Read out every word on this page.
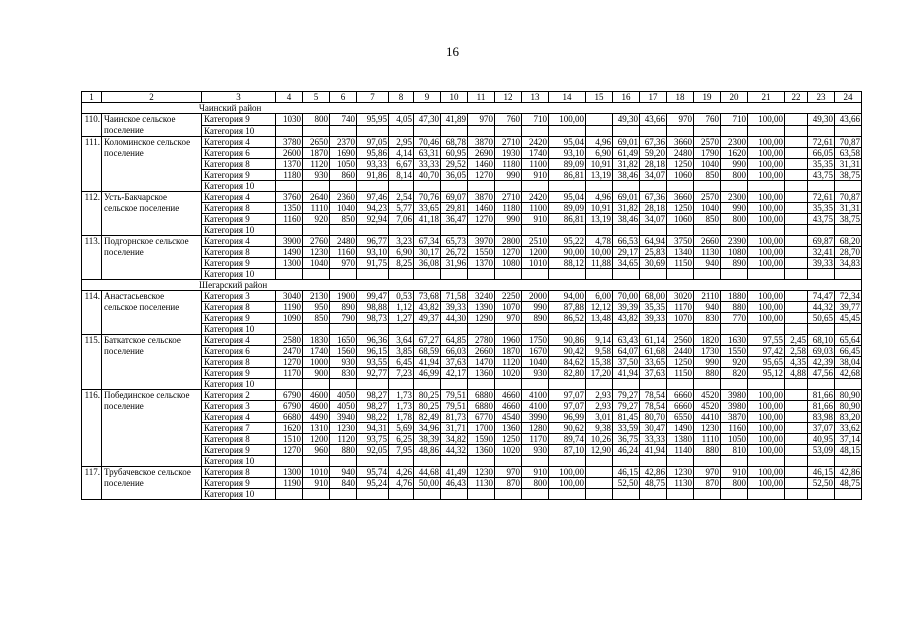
16
1	2	3	4	5	6	7	8	9	10	11	12	13	14	15	16	17	18	19	20	21	22	23	24
Чаинский район																							
110.	Чаинское сельское поселение	Категория 9	1030	800	740	95,95	4,05	47,30	41,89	970	760	710	100,00		49,30	43,66	970	760	710	100,00		49,30	43,66
		Категория 10																					
111.	Коломинское сельское поселение	Категория 4	3780	2650	2370	97,05	2,95	70,46	68,78	3870	2710	2420	95,04	4,96	69,01	67,36	3660	2570	2300	100,00		72,61	70,87
		Категория 6	2600	1870	1690	95,86	4,14	63,31	60,95	2690	1930	1740	93,10	6,90	61,49	59,20	2480	1790	1620	100,00		66,05	63,58
		Категория 8	1370	1120	1050	93,33	6,67	33,33	29,52	1460	1180	1100	89,09	10,91	31,82	28,18	1250	1040	990	100,00		35,35	31,31
		Категория 9	1180	930	860	91,86	8,14	40,70	36,05	1270	990	910	86,81	13,19	38,46	34,07	1060	850	800	100,00		43,75	38,75
		Категория 10																					
112.	Усть-Бакчарское сельское поселение	Категория 4	3760	2640	2360	97,46	2,54	70,76	69,07	3870	2710	2420	95,04	4,96	69,01	67,36	3660	2570	2300	100,00		72,61	70,87
		Категория 8	1350	1110	1040	94,23	5,77	33,65	29,81	1460	1180	1100	89,09	10,91	31,82	28,18	1250	1040	990	100,00		35,35	31,31
		Категория 9	1160	920	850	92,94	7,06	41,18	36,47	1270	990	910	86,81	13,19	38,46	34,07	1060	850	800	100,00		43,75	38,75
		Категория 10																					
113.	Подгорнское сельское поселение	Категория 4	3900	2760	2480	96,77	3,23	67,34	65,73	3970	2800	2510	95,22	4,78	66,53	64,94	3750	2660	2390	100,00		69,87	68,20
		Категория 8	1490	1230	1160	93,10	6,90	30,17	26,72	1550	1270	1200	90,00	10,00	29,17	25,83	1340	1130	1080	100,00		32,41	28,70
		Категория 9	1300	1040	970	91,75	8,25	36,08	31,96	1370	1080	1010	88,12	11,88	34,65	30,69	1150	940	890	100,00		39,33	34,83
		Категория 10																					
Шегарский район																							
114.	Анастасьевское сельское поселение	Категория 3	3040	2130	1900	99,47	0,53	73,68	71,58	3240	2250	2000	94,00	6,00	70,00	68,00	3020	2110	1880	100,00		74,47	72,34
		Категория 8	1190	950	890	98,88	1,12	43,82	39,33	1390	1070	990	87,88	12,12	39,39	35,35	1170	940	880	100,00		44,32	39,77
		Категория 9	1090	850	790	98,73	1,27	49,37	44,30	1290	970	890	86,52	13,48	43,82	39,33	1070	830	770	100,00		50,65	45,45
		Категория 10																					
115.	Баткатское сельское поселение	Категория 4	2580	1830	1650	96,36	3,64	67,27	64,85	2780	1960	1750	90,86	9,14	63,43	61,14	2560	1820	1630	97,55	2,45	68,10	65,64
		Категория 6	2470	1740	1560	96,15	3,85	68,59	66,03	2660	1870	1670	90,42	9,58	64,07	61,68	2440	1730	1550	97,42	2,58	69,03	66,45
		Категория 8	1270	1000	930	93,55	6,45	41,94	37,63	1470	1120	1040	84,62	15,38	37,50	33,65	1250	990	920	95,65	4,35	42,39	38,04
		Категория 9	1170	900	830	92,77	7,23	46,99	42,17	1360	1020	930	82,80	17,20	41,94	37,63	1150	880	820	95,12	4,88	47,56	42,68
		Категория 10																					
116.	Побединское сельское поселение	Категория 2	6790	4600	4050	98,27	1,73	80,25	79,51	6880	4660	4100	97,07	2,93	79,27	78,54	6660	4520	3980	100,00		81,66	80,90
		Категория 3	6790	4600	4050	98,27	1,73	80,25	79,51	6880	4660	4100	97,07	2,93	79,27	78,54	6660	4520	3980	100,00		81,66	80,90
		Категория 4	6680	4490	3940	98,22	1,78	82,49	81,73	6770	4540	3990	96,99	3,01	81,45	80,70	6550	4410	3870	100,00		83,98	83,20
		Категория 7	1620	1310	1230	94,31	5,69	34,96	31,71	1700	1360	1280	90,62	9,38	33,59	30,47	1490	1230	1160	100,00		37,07	33,62
		Категория 8	1510	1200	1120	93,75	6,25	38,39	34,82	1590	1250	1170	89,74	10,26	36,75	33,33	1380	1110	1050	100,00		40,95	37,14
		Категория 9	1270	960	880	92,05	7,95	48,86	44,32	1360	1020	930	87,10	12,90	46,24	41,94	1140	880	810	100,00		53,09	48,15
		Категория 10																					
117.	Трубачевское сельское поселение	Категория 8	1300	1010	940	95,74	4,26	44,68	41,49	1230	970	910	100,00		46,15	42,86	1230	970	910	100,00		46,15	42,86
		Категория 9	1190	910	840	95,24	4,76	50,00	46,43	1130	870	800	100,00		52,50	48,75	1130	870	800	100,00		52,50	48,75
		Категория 10																					
